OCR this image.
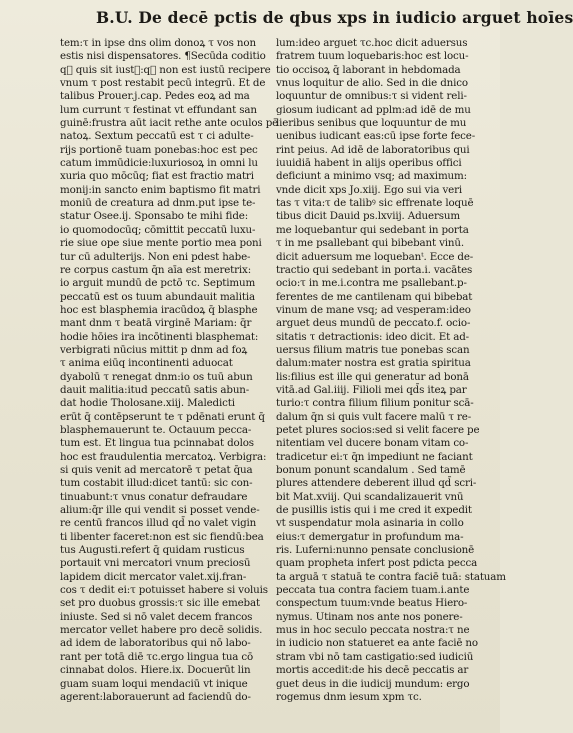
B.U. De decē pctis de qbus xps in iudicio arguet hoīes
tem:τ in ipse dns olim donoꝝ τ vos non
estis nisi dispensatores. ¶Secūda coditio
q᷑ quis sit iustꝰ:q᷑ non est iustū recipere
vnum τ post restabit pecū integrū. Et de
talibus Prouer.j.cap. Pedes eoꝝ ad ma
lum currunt τ festinat vt effundant san
guinē:frustra aūt iacit rethe ante oculos pē
natoꝝ. Sextum peccatū est τ ci adulte-
rijs portionē tuam ponebas:hoc est pec
catum immūdicie:luxuriosoꝝ in omni lu
xuria quo mōcūq; fiat est fractio matri
monij:in sancto enim baptismo fit matri
moniū de creatura ad dnm.put ipse te-
statur Osee.ij. Sponsabo te mihi fide:
io quomodocūq; cōmittit peccatū luxu-
rie siue ope siue mente portio mea poni
tur cū adulterijs. Non eni pdest habe-
re corpus castum q̄n aīa est meretrix:
io arguit mundū de pctō τc. Septimum
peccatū est os tuum abundauit malitia
hoc est blasphemia iracūdoꝝ q̄ blasphe
mant dnm τ beatā virginē Mariam: q̄r
hodie hōies ira incōtinenti blasphemat:
verbigrati nūcius mittit p dnm ad foꝝ
τ anima eiūq incontinenti aduocat
dyabolū τ renegat dnm:io os tuū abun
dauit malitia:itud peccatū satis abun-
dat hodie Tholosane.xiij. Maledicti
erūt q̄ contēpserunt te τ pdēnati erunt q̄
blasphemauerunt te. Octauum pecca-
tum est. Et lingua tua pcinnabat dolos
hoc est fraudulentia mercatoꝝ. Verbigra:
si quis venit ad mercatorē τ petat q̄ua
tum costabit illud:dicet tantū: sic con-
tinuabunt:τ vnus conatur defraudare
alium:q̄r ille qui vendit si posset vende-
re centū francos illud qd̄ no valet vigin
ti libenter faceret:non est sic fiendū:bea
tus Augusti.refert q̄ quidam rusticus
portauit vni mercatori vnum preciosū
lapidem dicit mercator valet.xij.fran-
cos τ dedit ei:τ potuisset habere si voluis
set pro duobus grossis:τ sic ille emebat
iniuste. Sed si nō valet decem francos
mercator vellet habere pro decē solidis.
ad idem de laboratoribus qui nō labo-
rant per totā diē τc.ergo lingua tua cō
cinnabat dolos. Hiere.ix. Docuerūt lin
guam suam loqui mendaciū vt inique
agerent:laborauerunt ad faciendū do-
lum:ideo arguet τc.hoc dicit aduersus
fratrem tuum loquebaris:hoc est locu-
tio occisoꝝ q̄ laborant in hebdomada
vnus loquitur de alio. Sed in die dnico
loquuntur de omnibus:τ si vident reli-
giosum iudicant ad pplm:ad idē de mu
lieribus senibus que loquuntur de mu
uenibus iudicant eas:cū ipse forte fece-
rint peius. Ad idē de laboratoribus qui
iuuidiā habent in alijs operibus offici
deficiunt a minimo vsq; ad maximum:
vnde dicit xps Jo.xiij. Ego sui via veri
tas τ vita:τ de talibꝰ sic effrenate loquē
tibus dicit Dauid ps.lxviij. Aduersum
me loquebantur qui sedebant in porta
τ in me psallebant qui bibebant vinū.
dicit aduersum me loquebanᵗ. Ecce de-
tractio qui sedebant in porta.i. vacātes
ocio:τ in me.i.contra me psallebant.p-
ferentes de me cantilenam qui bibebat
vinum de mane vsq; ad vesperam:ideo
arguet deus mundū de peccato.f. ocio-
sitatis τ detractionis: ideo dicit. Et ad-
uersus filium matris tue ponebas scan
dalum:mater nostra est gratia spiritua
lis:filius est ille qui generatur ad bonā
vitā.ad Gal.iiij. Filioli mei qd̄s iteꝝ par
turio:τ contra filium filium ponitur scā-
dalum q̄n si quis vult facere malū τ re-
petet plures socios:sed si velit facere pe
nitentiam vel ducere bonam vitam co-
tradicetur ei:τ q̄n impediunt ne faciant
bonum ponunt scandalum . Sed tamē
plures attendere deberent illud qd̄ scri-
bit Mat.xviij. Qui scandalizauerit vnū
de pusillis istis qui i me cred it expedit
vt suspendatur mola asinaria in collo
eius:τ demergatur in profundum ma-
ris. Luferni:nunno pensate conclusionē
quam propheta infert post pdicta pecca
ta arguā τ statuā te contra faciē tuā: statuam
peccata tua contra faciem tuam.i.ante
conspectum tuum:vnde beatus Hiero-
nymus. Utinam nos ante nos ponere-
mus in hoc seculo peccata nostra:τ ne
in iudicio non statueret ea ante faciē no
stram vbi nō tam castigatio:sed iudiciū
mortis accedit:de his decē peccatis ar
guet deus in die iudicij mundum: ergo
rogemus dnm iesum xpm τc.
